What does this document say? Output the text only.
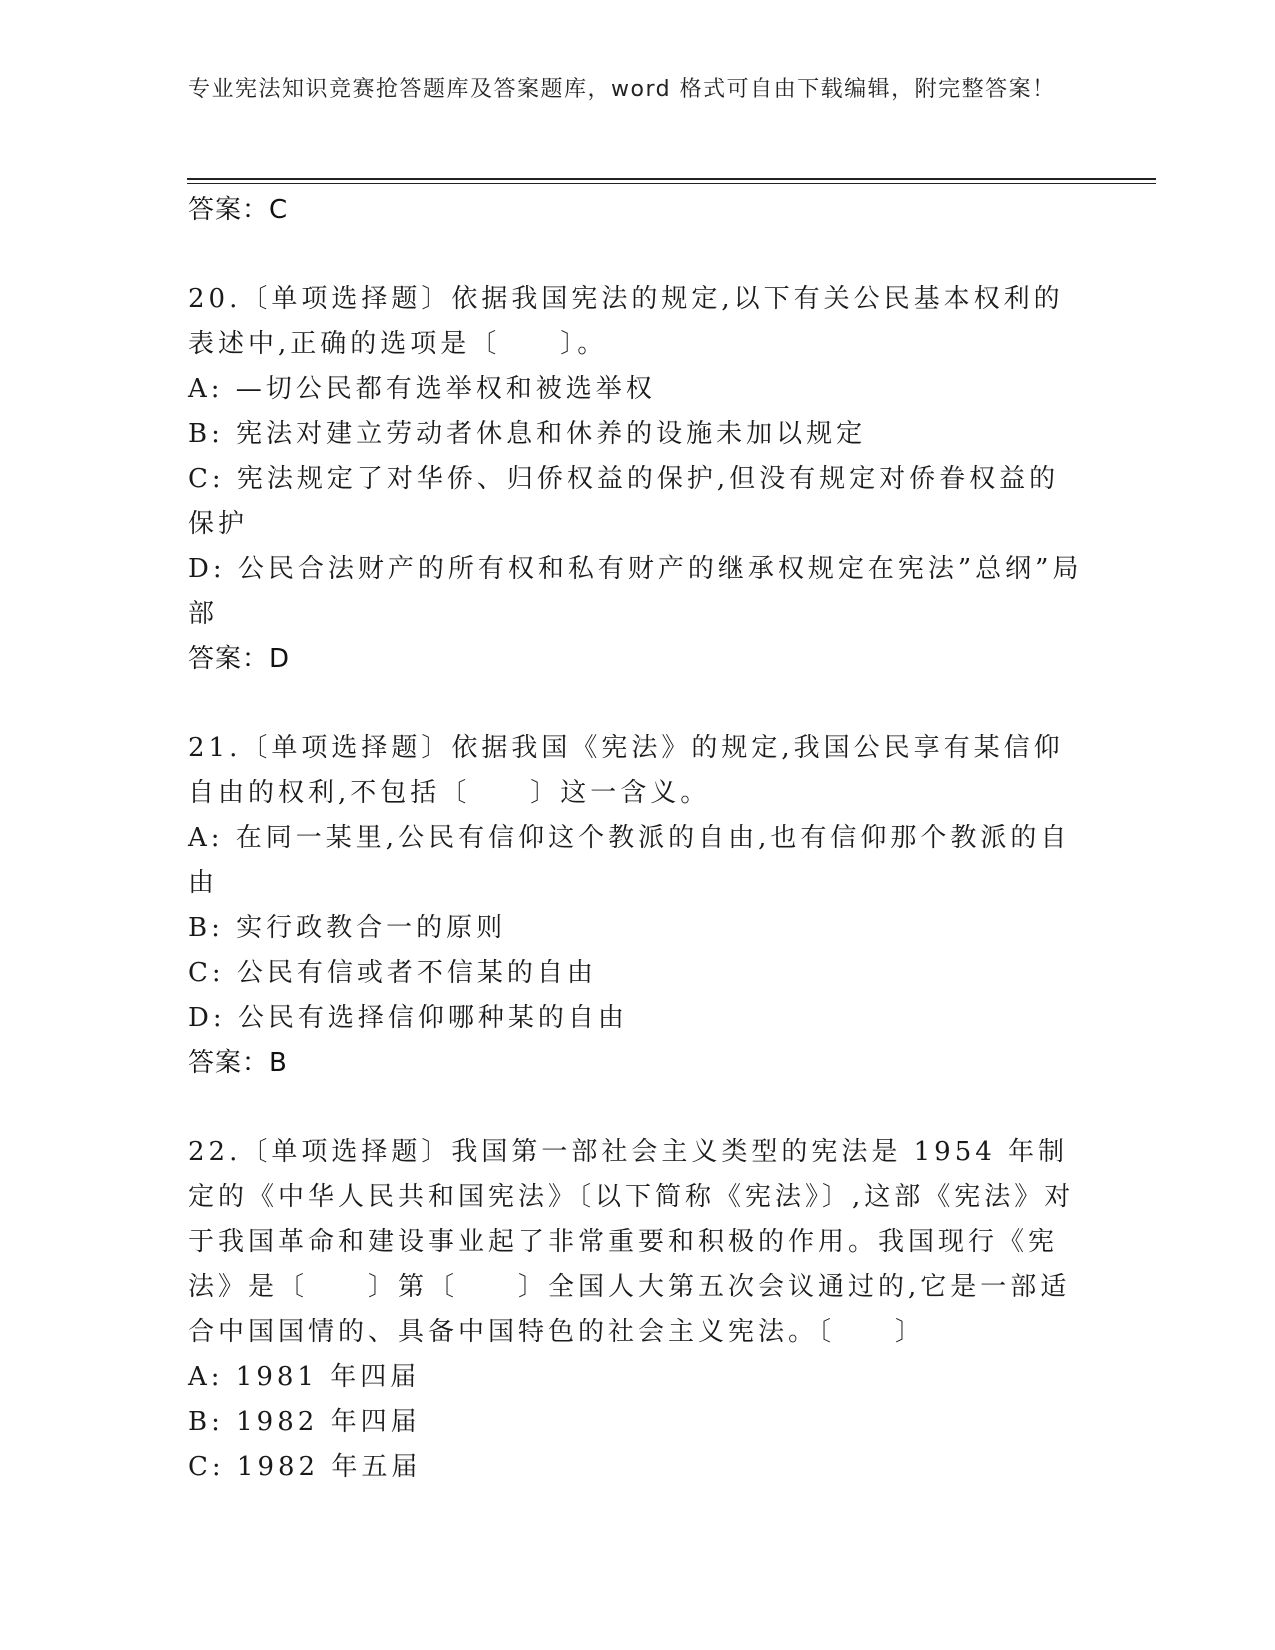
专业宪法知识竞赛抢答题库及答案题库，word 格式可自由下载编辑，附完整答案！

答案：C

20.〔单项选择题〕依据我国宪法的规定,以下有关公民基本权利的表述中,正确的选项是〔　　〕。

A: —切公民都有选举权和被选举权

B: 宪法对建立劳动者休息和休养的设施未加以规定

C: 宪法规定了对华侨、归侨权益的保护,但没有规定对侨眷权益的保护

D: 公民合法财产的所有权和私有财产的继承权规定在宪法”总纲”局部

答案：D

21.〔单项选择题〕依据我国《宪法》的规定,我国公民享有某信仰自由的权利,不包括〔　　〕这一含义。

A: 在同一某里,公民有信仰这个教派的自由,也有信仰那个教派的自由

B: 实行政教合一的原则

C: 公民有信或者不信某的自由

D: 公民有选择信仰哪种某的自由

答案：B

22.〔单项选择题〕我国第一部社会主义类型的宪法是 1954 年制定的《中华人民共和国宪法》〔以下简称《宪法》〕,这部《宪法》对于我国革命和建设事业起了非常重要和积极的作用。我国现行《宪法》是〔　　〕第〔　　〕全国人大第五次会议通过的,它是一部适合中国国情的、具备中国特色的社会主义宪法。〔　　〕

A: 1981 年四届

B: 1982 年四届

C: 1982 年五届
